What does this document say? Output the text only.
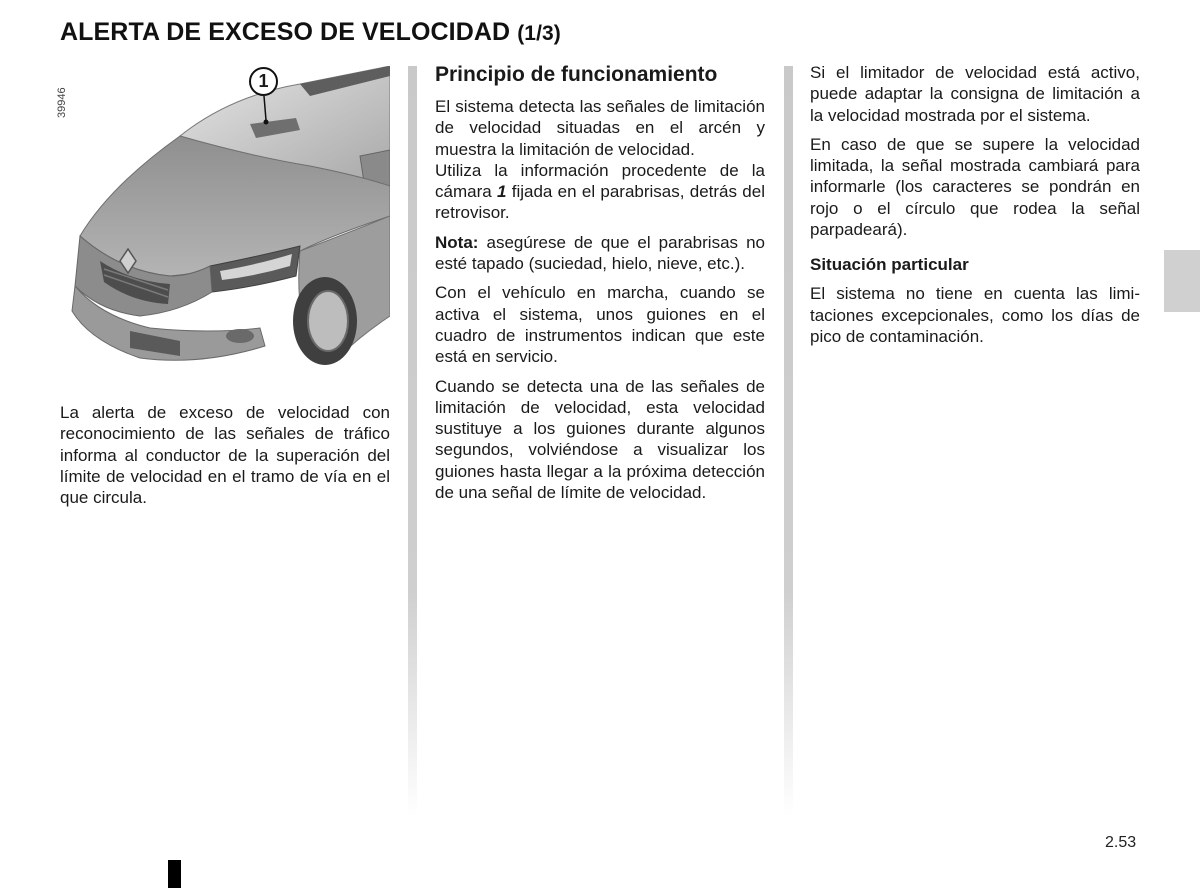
ALERTA DE EXCESO DE VELOCIDAD (1/3)
39946
1

La alerta de exceso de velocidad con reconocimiento de las señales de tráfico informa al conductor de la superación del límite de velocidad en el tramo de vía en el que circula.

Principio de funcionamiento

El sistema detecta las señales de limitación de velocidad situadas en el arcén y muestra la limitación de velocidad.

Utiliza la información procedente de la cámara 1 fijada en el parabrisas, detrás del retrovisor.

Nota: asegúrese de que el parabrisas no esté tapado (suciedad, hielo, nieve, etc.).

Con el vehículo en marcha, cuando se activa el sistema, unos guiones en el cuadro de instrumentos indican que este está en servicio.

Cuando se detecta una de las señales de limitación de velocidad, esta velocidad sustituye a los guiones durante algunos segundos, volviéndose a visualizar los guiones hasta llegar a la próxima detección de una señal de límite de velocidad.

Si el limitador de velocidad está activo, puede adaptar la consigna de limitación a la velocidad mostrada por el sistema.

En caso de que se supere la velocidad limitada, la señal mostrada cambiará para informarle (los caracteres se pondrán en rojo o el círculo que rodea la señal parpadeará).

Situación particular

El sistema no tiene en cuenta las limitaciones excepcionales, como los días de pico de contaminación.

2.53
